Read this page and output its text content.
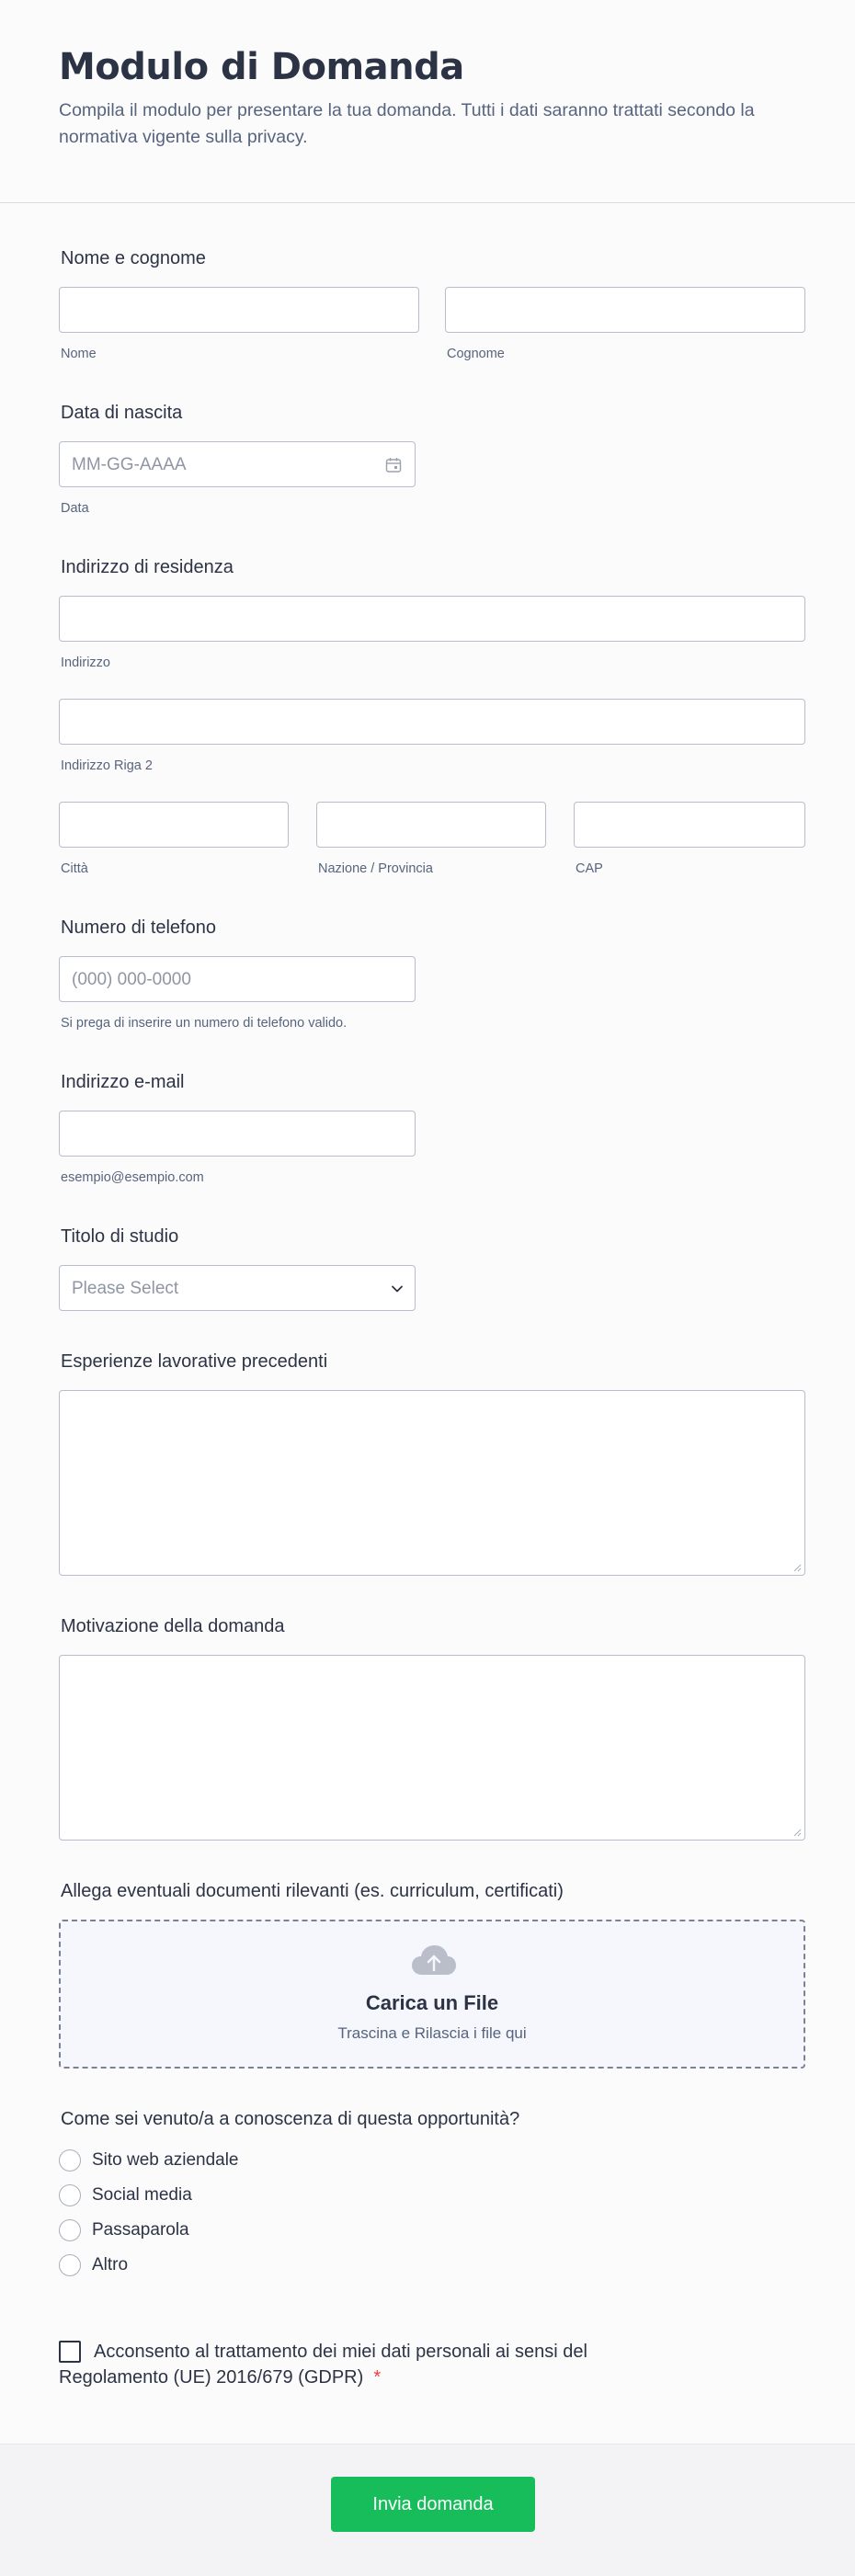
Modulo di Domanda

Compila il modulo per presentare la tua domanda. Tutti i dati saranno trattati secondo la normativa vigente sulla privacy.

Nome e cognome
Nome	Cognome
Data di nascita
MM-GG-AAAA
Data
Indirizzo di residenza
Indirizzo
Indirizzo Riga 2
Città	Nazione / Provincia	CAP
Numero di telefono
(000) 000-0000
Si prega di inserire un numero di telefono valido.
Indirizzo e-mail
esempio@esempio.com
Titolo di studio
Please Select
Esperienze lavorative precedenti
Motivazione della domanda
Allega eventuali documenti rilevanti (es. curriculum, certificati)
Carica un File
Trascina e Rilascia i file qui
Come sei venuto/a a conoscenza di questa opportunità?
Sito web aziendale
Social media
Passaparola
Altro
Acconsento al trattamento dei miei dati personali ai sensi del Regolamento (UE) 2016/679 (GDPR) *
Invia domanda
